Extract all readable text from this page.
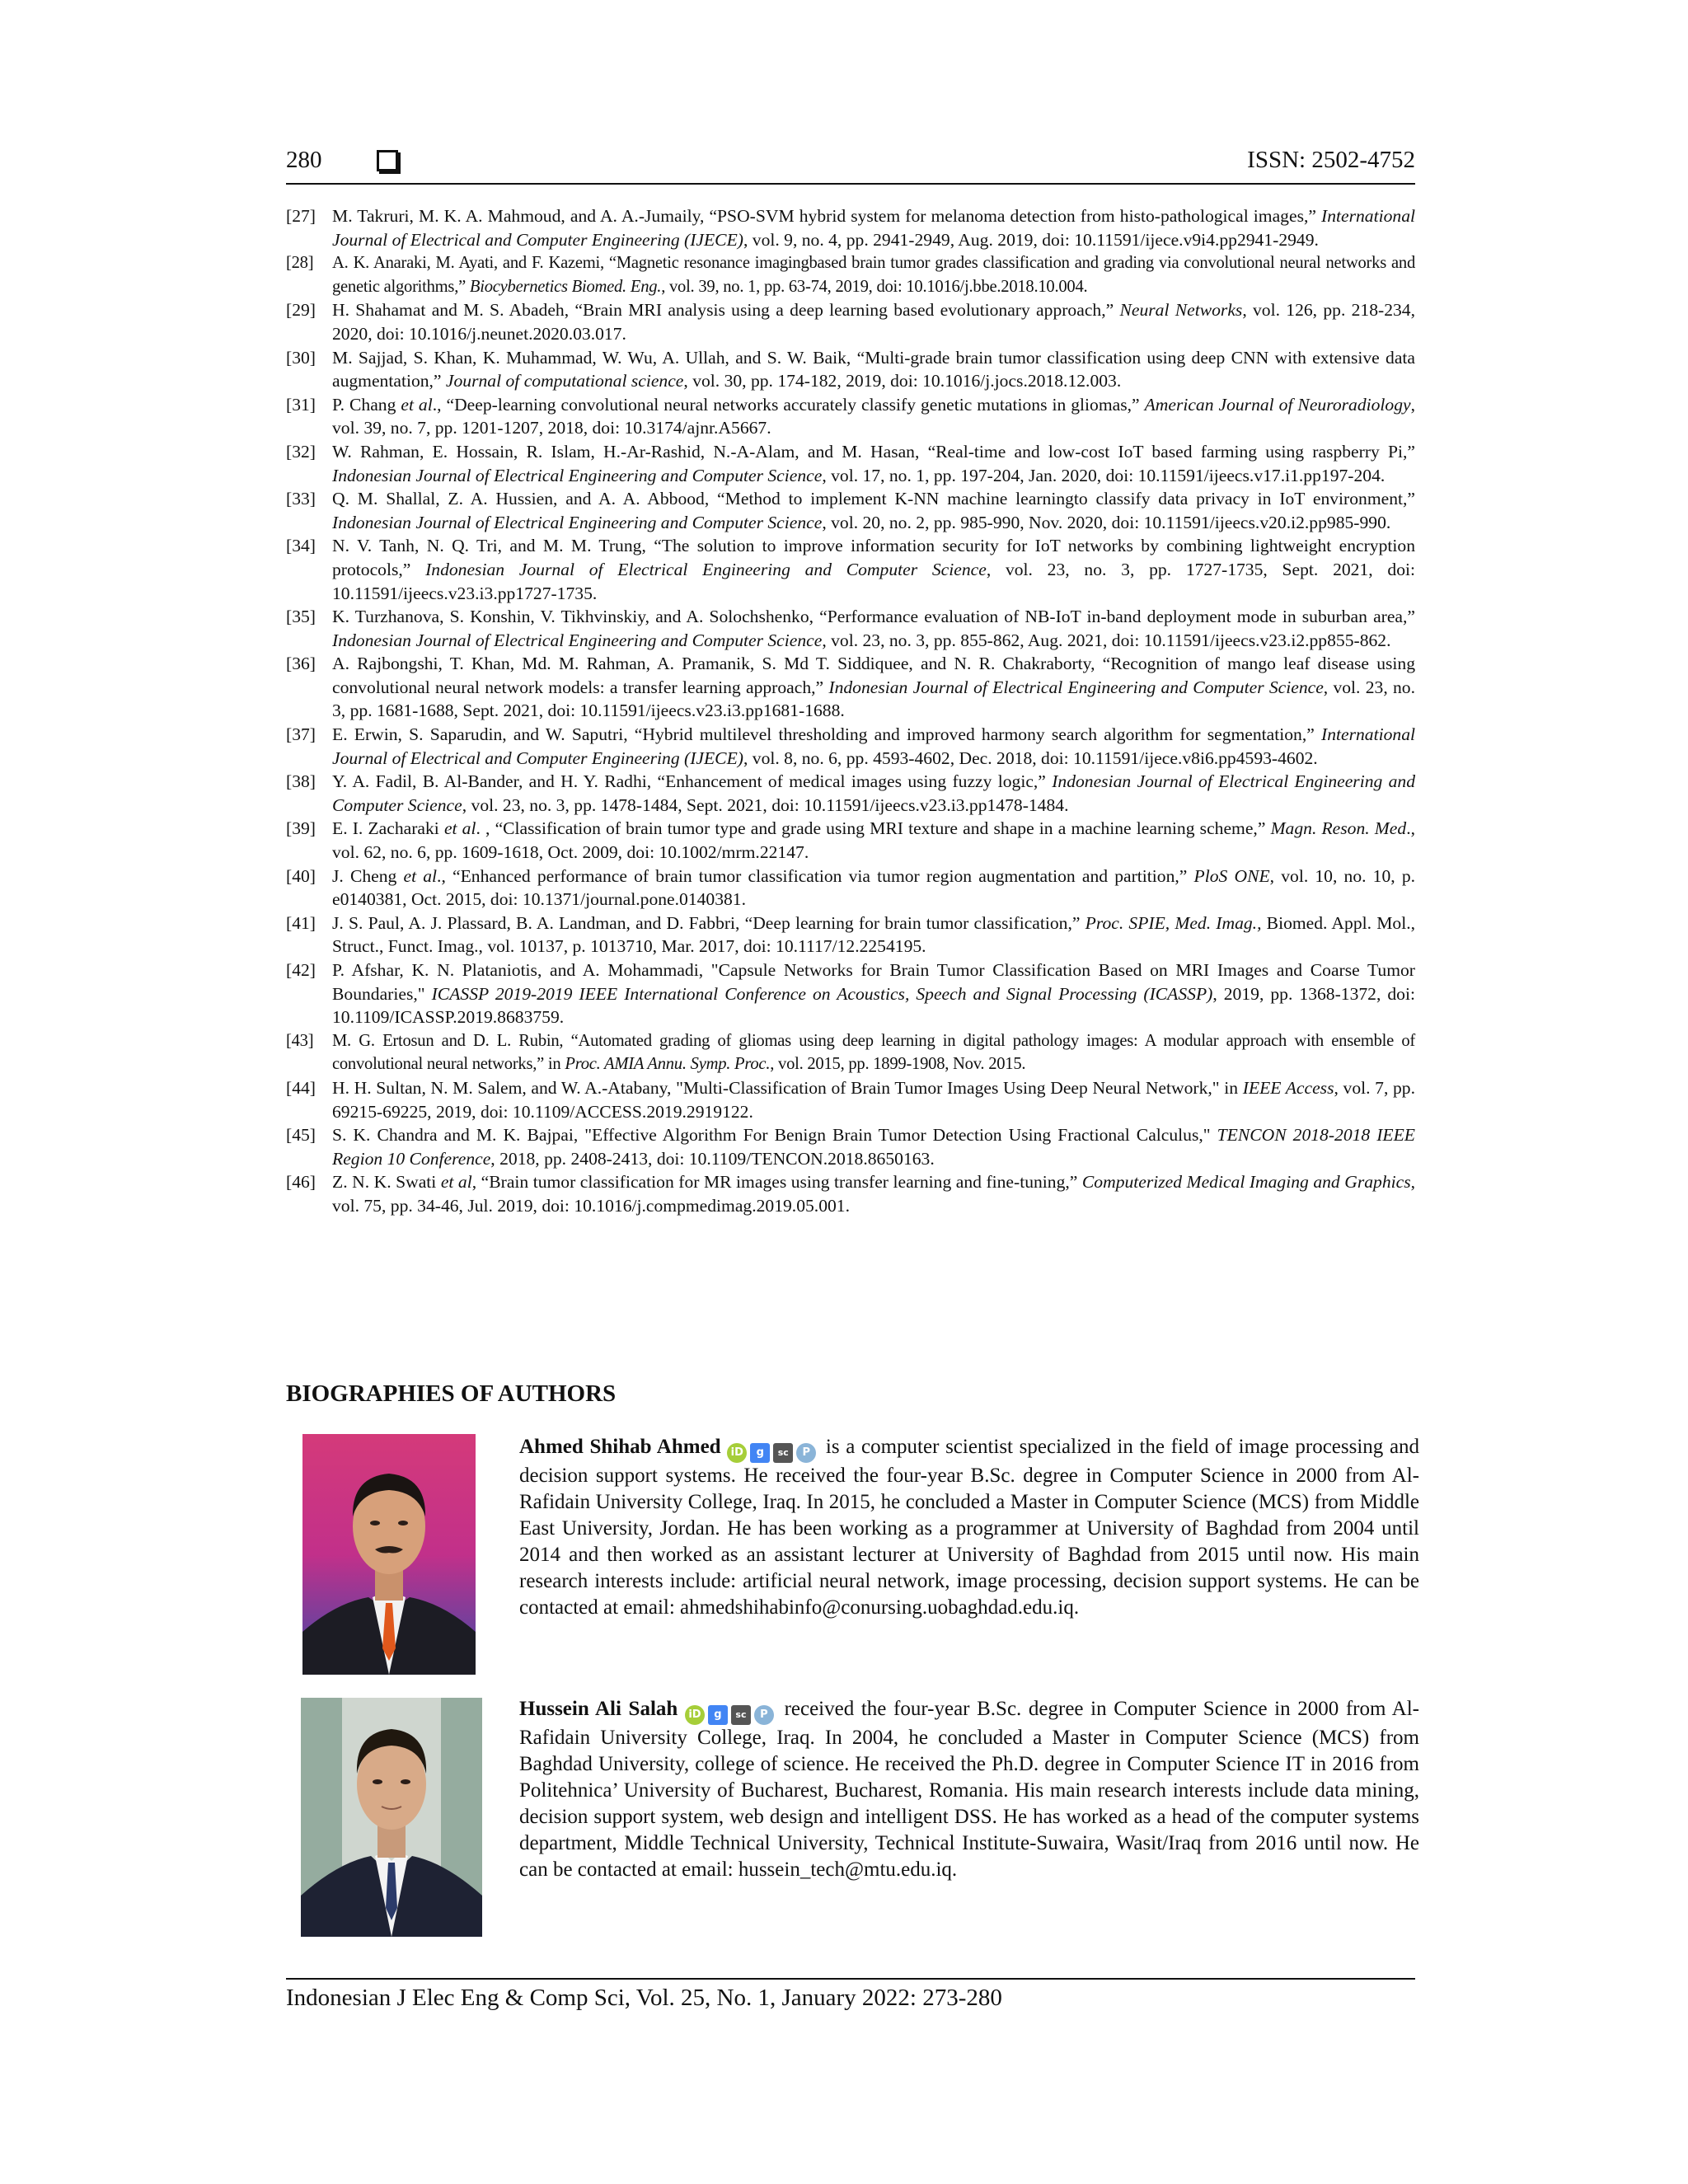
280	ISSN: 2502-4752
[27] M. Takruri, M. K. A. Mahmoud, and A. A.-Jumaily, “PSO-SVM hybrid system for melanoma detection from histo-pathological images,” International Journal of Electrical and Computer Engineering (IJECE), vol. 9, no. 4, pp. 2941-2949, Aug. 2019, doi: 10.11591/ijece.v9i4.pp2941-2949.
[28] A. K. Anaraki, M. Ayati, and F. Kazemi, “Magnetic resonance imagingbased brain tumor grades classification and grading via convolutional neural networks and genetic algorithms,” Biocybernetics Biomed. Eng., vol. 39, no. 1, pp. 63-74, 2019, doi: 10.1016/j.bbe.2018.10.004.
[29] H. Shahamat and M. S. Abadeh, “Brain MRI analysis using a deep learning based evolutionary approach,” Neural Networks, vol. 126, pp. 218-234, 2020, doi: 10.1016/j.neunet.2020.03.017.
[30] M. Sajjad, S. Khan, K. Muhammad, W. Wu, A. Ullah, and S. W. Baik, “Multi-grade brain tumor classification using deep CNN with extensive data augmentation,” Journal of computational science, vol. 30, pp. 174-182, 2019, doi: 10.1016/j.jocs.2018.12.003.
[31] P. Chang et al., “Deep-learning convolutional neural networks accurately classify genetic mutations in gliomas,” American Journal of Neuroradiology, vol. 39, no. 7, pp. 1201-1207, 2018, doi: 10.3174/ajnr.A5667.
[32] W. Rahman, E. Hossain, R. Islam, H.-Ar-Rashid, N.-A-Alam, and M. Hasan, “Real-time and low-cost IoT based farming using raspberry Pi,” Indonesian Journal of Electrical Engineering and Computer Science, vol. 17, no. 1, pp. 197-204, Jan. 2020, doi: 10.11591/ijeecs.v17.i1.pp197-204.
[33] Q. M. Shallal, Z. A. Hussien, and A. A. Abbood, “Method to implement K-NN machine learningto classify data privacy in IoT environment,” Indonesian Journal of Electrical Engineering and Computer Science, vol. 20, no. 2, pp. 985-990, Nov. 2020, doi: 10.11591/ijeecs.v20.i2.pp985-990.
[34] N. V. Tanh, N. Q. Tri, and M. M. Trung, “The solution to improve information security for IoT networks by combining lightweight encryption protocols,” Indonesian Journal of Electrical Engineering and Computer Science, vol. 23, no. 3, pp. 1727-1735, Sept. 2021, doi: 10.11591/ijeecs.v23.i3.pp1727-1735.
[35] K. Turzhanova, S. Konshin, V. Tikhvinskiy, and A. Solochshenko, “Performance evaluation of NB-IoT in-band deployment mode in suburban area,” Indonesian Journal of Electrical Engineering and Computer Science, vol. 23, no. 3, pp. 855-862, Aug. 2021, doi: 10.11591/ijeecs.v23.i2.pp855-862.
[36] A. Rajbongshi, T. Khan, Md. M. Rahman, A. Pramanik, S. Md T. Siddiquee, and N. R. Chakraborty, “Recognition of mango leaf disease using convolutional neural network models: a transfer learning approach,” Indonesian Journal of Electrical Engineering and Computer Science, vol. 23, no. 3, pp. 1681-1688, Sept. 2021, doi: 10.11591/ijeecs.v23.i3.pp1681-1688.
[37] E. Erwin, S. Saparudin, and W. Saputri, “Hybrid multilevel thresholding and improved harmony search algorithm for segmentation,” International Journal of Electrical and Computer Engineering (IJECE), vol. 8, no. 6, pp. 4593-4602, Dec. 2018, doi: 10.11591/ijece.v8i6.pp4593-4602.
[38] Y. A. Fadil, B. Al-Bander, and H. Y. Radhi, “Enhancement of medical images using fuzzy logic,” Indonesian Journal of Electrical Engineering and Computer Science, vol. 23, no. 3, pp. 1478-1484, Sept. 2021, doi: 10.11591/ijeecs.v23.i3.pp1478-1484.
[39] E. I. Zacharaki et al. , “Classification of brain tumor type and grade using MRI texture and shape in a machine learning scheme,” Magn. Reson. Med., vol. 62, no. 6, pp. 1609-1618, Oct. 2009, doi: 10.1002/mrm.22147.
[40] J. Cheng et al., “Enhanced performance of brain tumor classification via tumor region augmentation and partition,” PloS ONE, vol. 10, no. 10, p. e0140381, Oct. 2015, doi: 10.1371/journal.pone.0140381.
[41] J. S. Paul, A. J. Plassard, B. A. Landman, and D. Fabbri, “Deep learning for brain tumor classification,” Proc. SPIE, Med. Imag., Biomed. Appl. Mol., Struct., Funct. Imag., vol. 10137, p. 1013710, Mar. 2017, doi: 10.1117/12.2254195.
[42] P. Afshar, K. N. Plataniotis, and A. Mohammadi, "Capsule Networks for Brain Tumor Classification Based on MRI Images and Coarse Tumor Boundaries," ICASSP 2019-2019 IEEE International Conference on Acoustics, Speech and Signal Processing (ICASSP), 2019, pp. 1368-1372, doi: 10.1109/ICASSP.2019.8683759.
[43] M. G. Ertosun and D. L. Rubin, “Automated grading of gliomas using deep learning in digital pathology images: A modular approach with ensemble of convolutional neural networks,” in Proc. AMIA Annu. Symp. Proc., vol. 2015, pp. 1899-1908, Nov. 2015.
[44] H. H. Sultan, N. M. Salem, and W. A.-Atabany, "Multi-Classification of Brain Tumor Images Using Deep Neural Network," in IEEE Access, vol. 7, pp. 69215-69225, 2019, doi: 10.1109/ACCESS.2019.2919122.
[45] S. K. Chandra and M. K. Bajpai, "Effective Algorithm For Benign Brain Tumor Detection Using Fractional Calculus," TENCON 2018-2018 IEEE Region 10 Conference, 2018, pp. 2408-2413, doi: 10.1109/TENCON.2018.8650163.
[46] Z. N. K. Swati et al, “Brain tumor classification for MR images using transfer learning and fine-tuning,” Computerized Medical Imaging and Graphics, vol. 75, pp. 34-46, Jul. 2019, doi: 10.1016/j.compmedimag.2019.05.001.
BIOGRAPHIES OF AUTHORS
Ahmed Shihab Ahmed iD g sc P is a computer scientist specialized in the field of image processing and decision support systems. He received the four-year B.Sc. degree in Computer Science in 2000 from Al-Rafidain University College, Iraq. In 2015, he concluded a Master in Computer Science (MCS) from Middle East University, Jordan. He has been working as a programmer at University of Baghdad from 2004 until 2014 and then worked as an assistant lecturer at University of Baghdad from 2015 until now. His main research interests include: artificial neural network, image processing, decision support systems. He can be contacted at email: ahmedshihabinfo@conursing.uobaghdad.edu.iq.
Hussein Ali Salah iD g sc P received the four-year B.Sc. degree in Computer Science in 2000 from Al- Rafidain University College, Iraq. In 2004, he concluded a Master in Computer Science (MCS) from Baghdad University, college of science. He received the Ph.D. degree in Computer Science IT in 2016 from Politehnica’ University of Bucharest, Bucharest, Romania. His main research interests include data mining, decision support system, web design and intelligent DSS. He has worked as a head of the computer systems department, Middle Technical University, Technical Institute-Suwaira, Wasit/Iraq from 2016 until now. He can be contacted at email: hussein_tech@mtu.edu.iq.
Indonesian J Elec Eng & Comp Sci, Vol. 25, No. 1, January 2022: 273-280
